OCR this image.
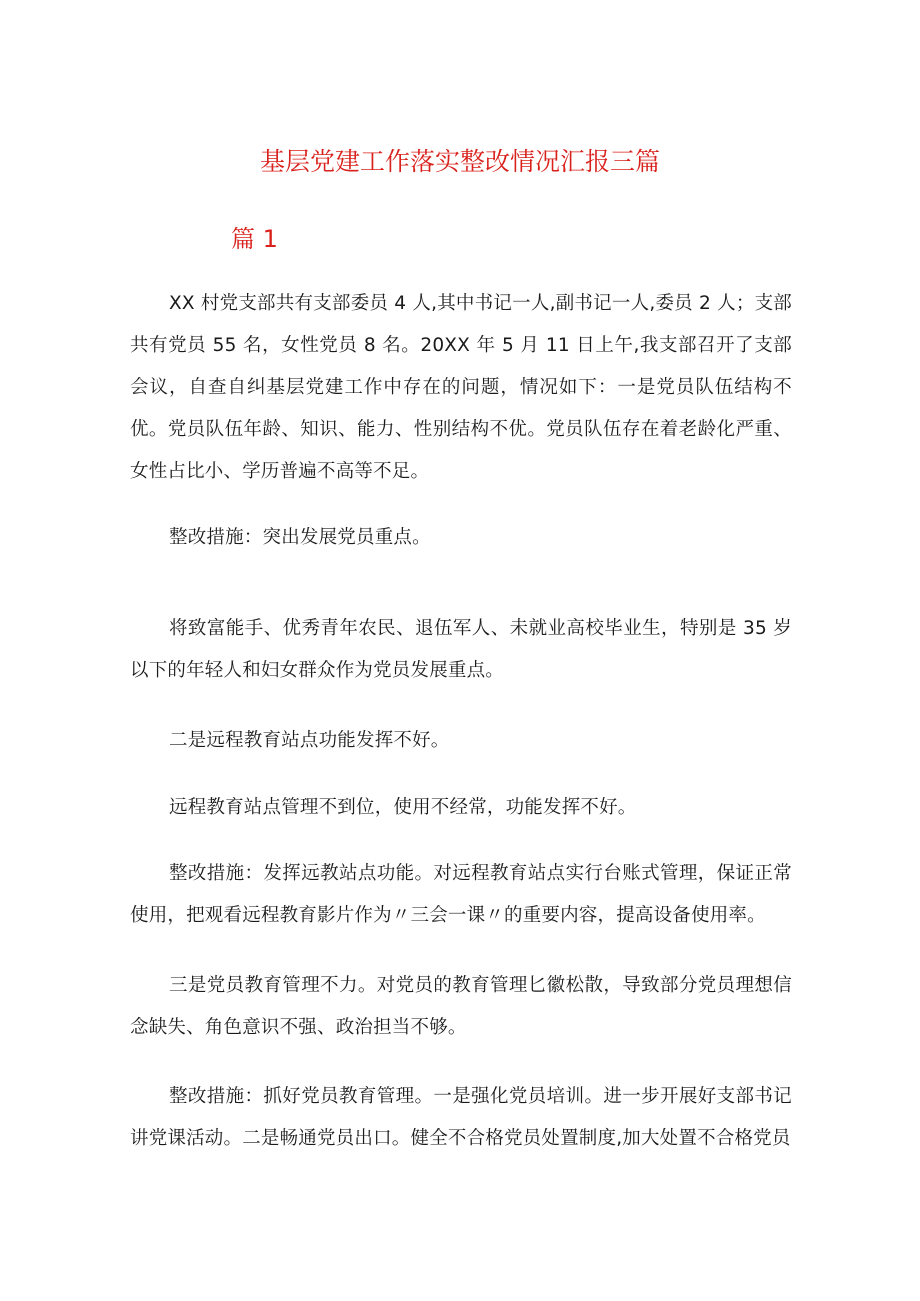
基层党建工作落实整改情况汇报三篇
篇 1

XX 村党支部共有支部委员 4 人,其中书记一人,副书记一人,委员 2 人；支部共有党员 55 名，女性党员 8 名。20XX 年 5 月 11 日上午,我支部召开了支部会议，自查自纠基层党建工作中存在的问题，情况如下：一是党员队伍结构不优。党员队伍年龄、知识、能力、性别结构不优。党员队伍存在着老龄化严重、女性占比小、学历普遍不高等不足。

整改措施：突出发展党员重点。

将致富能手、优秀青年农民、退伍军人、未就业高校毕业生，特别是 35 岁以下的年轻人和妇女群众作为党员发展重点。

二是远程教育站点功能发挥不好。

远程教育站点管理不到位，使用不经常，功能发挥不好。

整改措施：发挥远教站点功能。对远程教育站点实行台账式管理，保证正常使用，把观看远程教育影片作为〃三会一课〃的重要内容，提高设备使用率。

三是党员教育管理不力。对党员的教育管理匕徽松散，导致部分党员理想信念缺失、角色意识不强、政治担当不够。

整改措施：抓好党员教育管理。一是强化党员培训。进一步开展好支部书记讲党课活动。二是畅通党员出口。健全不合格党员处置制度,加大处置不合格党员
